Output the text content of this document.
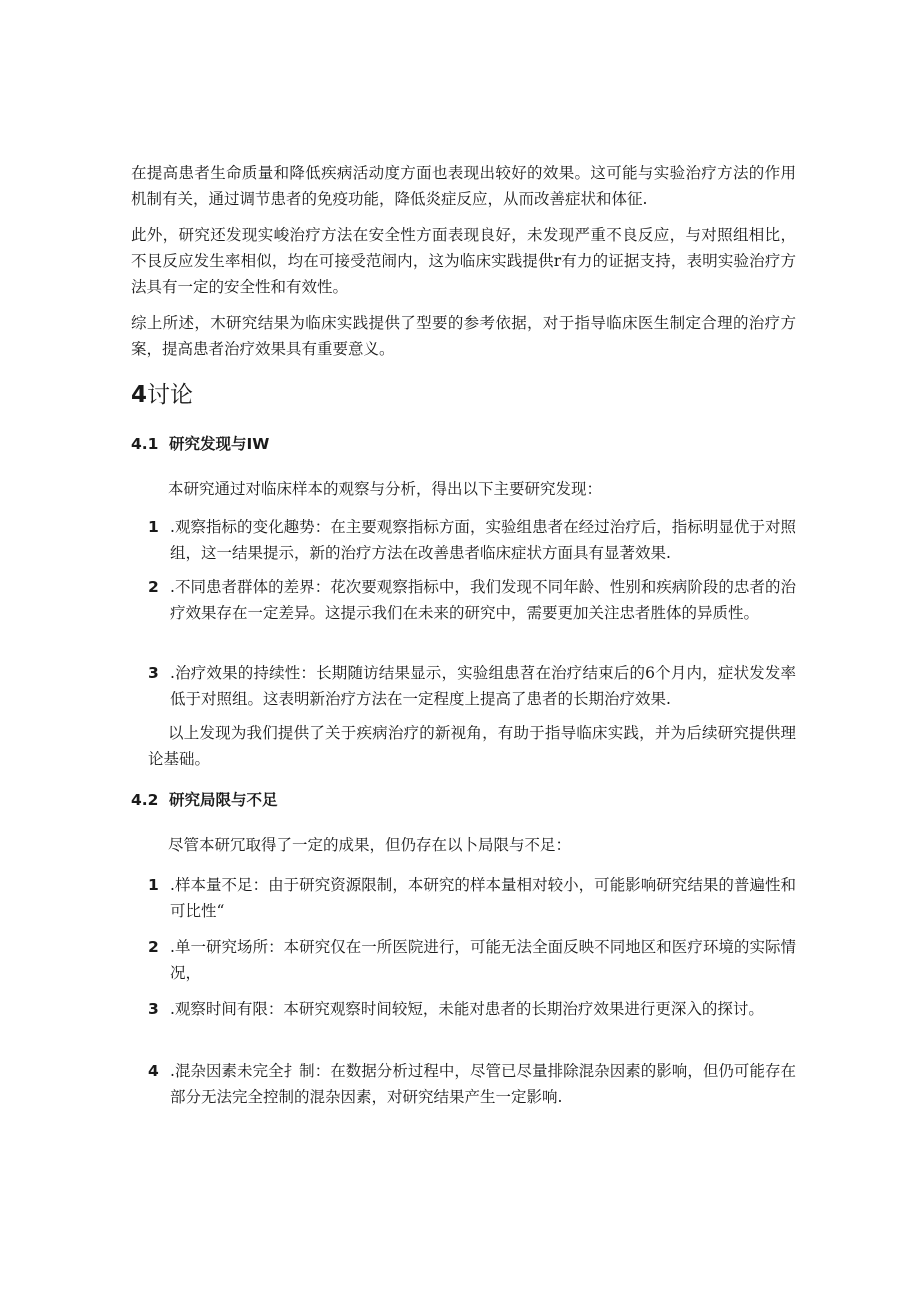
在提高患者生命质量和降低疾病活动度方面也表现出较好的效果。这可能与实验治疗方法的作用机制有关，通过调节患者的免疫功能，降低炎症反应，从而改善症状和体征.

此外，研究还发现实峻治疗方法在安全性方面表现良好，未发现严重不良反应，与对照组相比，不艮反应发生率相似，均在可接受范闹内，这为临床实践提供r有力的证据支持，表明实验治疗方法具有一定的安全性和有效性。

综上所述，木研究结果为临床实践提供了型要的参考依据，对于指导临床医生制定合理的治疗方案，提高患者治疗效果具有重要意义。

4讨论
4.1 研究发现与IW

本研究通过对临床样本的观察与分析，得出以下主要研究发现：

1 .观察指标的变化趣势：在主要观察指标方面，实验组患者在经过治疗后，指标明显优于对照组，这一结果提示，新的治疗方法在改善患者临床症状方面具有显著效果.
2 .不同患者群体的差界：花次要观察指标中，我们发现不同年龄、性别和疾病阶段的忠者的治疗效果存在一定差异。这提示我们在未来的研究中，需要更加关注忠者胜体的异质性。
3 .治疗效果的持续性：长期随访结果显示，实验组患苕在治疗结束后的6个月内，症状发发率低于对照组。这表明新治疗方法在一定程度上提高了患者的长期治疗效果.

以上发现为我们提供了关于疾病治疗的新视角，有助于指导临床实践，并为后续研究提供理论基础。

4.2 研究局限与不足

尽管本研冗取得了一定的成果，但仍存在以卜局限与不足：

1 .样本量不足：由于研究资源限制，本研究的样本量相对较小，可能影响研究结果的普遍性和可比性“
2 .单一研究场所：本研究仅在一所医院进行，可能无法全面反映不同地区和医疗环境的实际情况，
3 .观察时间有限：本研究观察时间较短，未能对患者的长期治疗效果进行更深入的探讨。
4 .混杂因素未完全扌制：在数据分析过程中，尽管已尽量排除混杂因素的影响，但仍可能存在部分无法完全控制的混杂因素，对研究结果产生一定影响.
